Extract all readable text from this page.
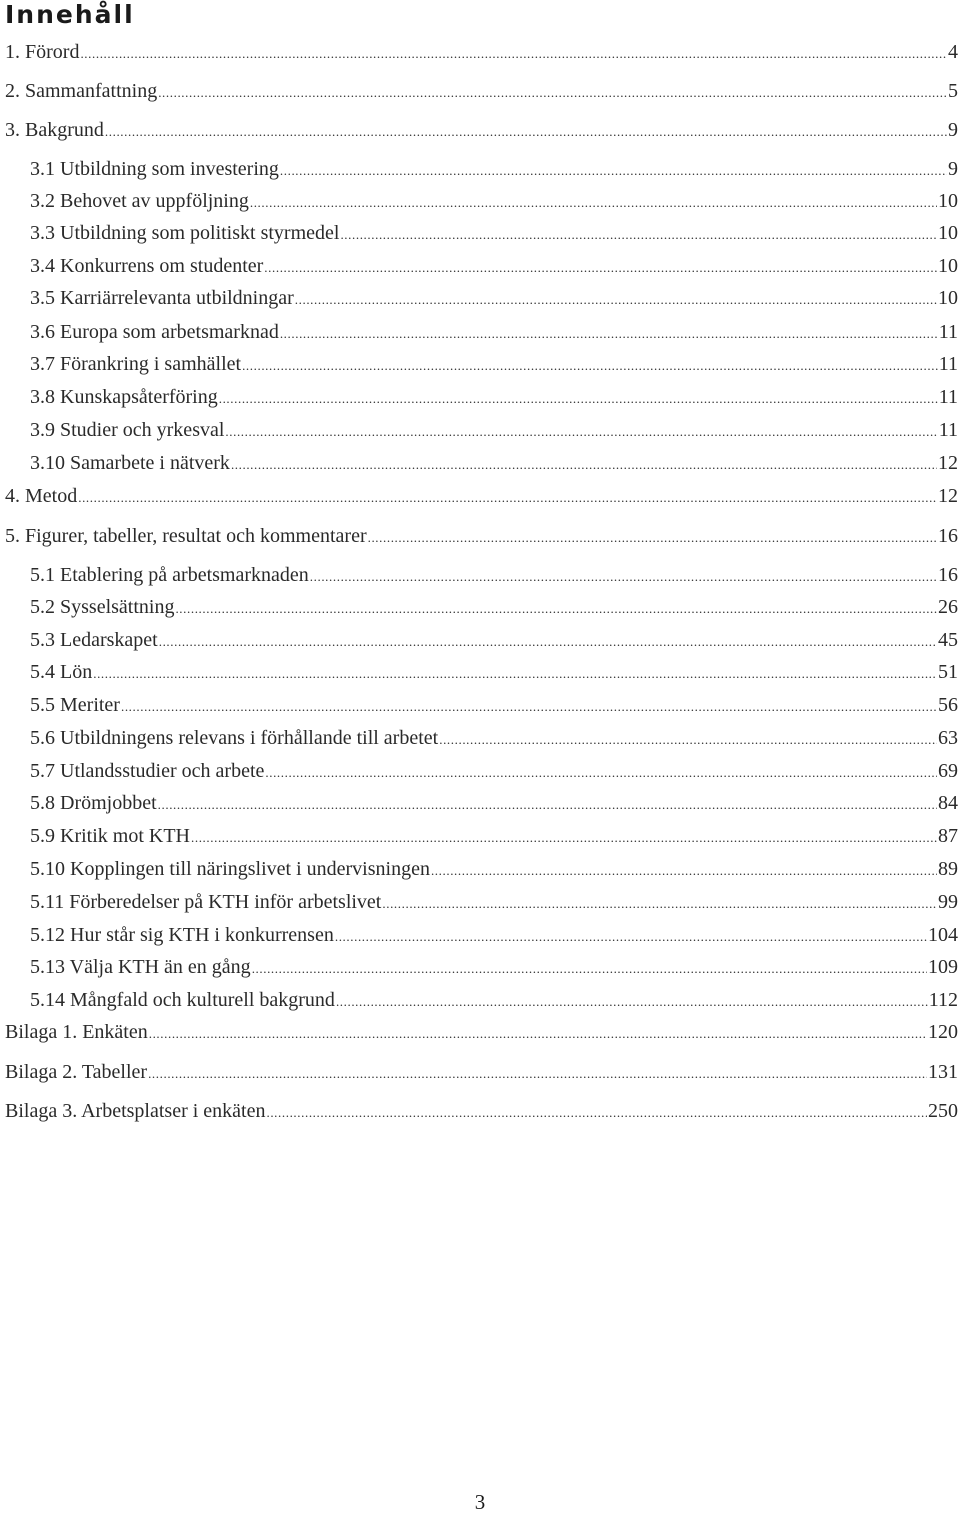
Innehåll
1. Förord .....	4
2. Sammanfattning .....	5
3. Bakgrund .....	9
3.1 Utbildning som investering .....	9
3.2 Behovet av uppföljning .....	10
3.3 Utbildning som politiskt styrmedel .....	10
3.4 Konkurrens om studenter .....	10
3.5 Karriärrelevanta utbildningar .....	10
3.6 Europa som arbetsmarknad .....	11
3.7 Förankring i samhället .....	11
3.8 Kunskapsåterföring .....	11
3.9 Studier och yrkesval .....	11
3.10 Samarbete i nätverk .....	12
4. Metod .....	12
5. Figurer, tabeller, resultat och kommentarer .....	16
5.1 Etablering på arbetsmarknaden .....	16
5.2 Sysselsättning .....	26
5.3 Ledarskapet .....	45
5.4 Lön .....	51
5.5 Meriter .....	56
5.6 Utbildningens relevans i förhållande till arbetet .....	63
5.7 Utlandsstudier och arbete .....	69
5.8 Drömjobbet .....	84
5.9 Kritik mot KTH .....	87
5.10 Kopplingen till näringslivet i undervisningen .....	89
5.11 Förberedelser på KTH inför arbetslivet .....	99
5.12 Hur står sig KTH i konkurrensen .....	104
5.13 Välja KTH än en gång .....	109
5.14 Mångfald och kulturell bakgrund .....	112
Bilaga 1. Enkäten .....	120
Bilaga 2. Tabeller .....	131
Bilaga 3. Arbetsplatser i enkäten .....	250
3
